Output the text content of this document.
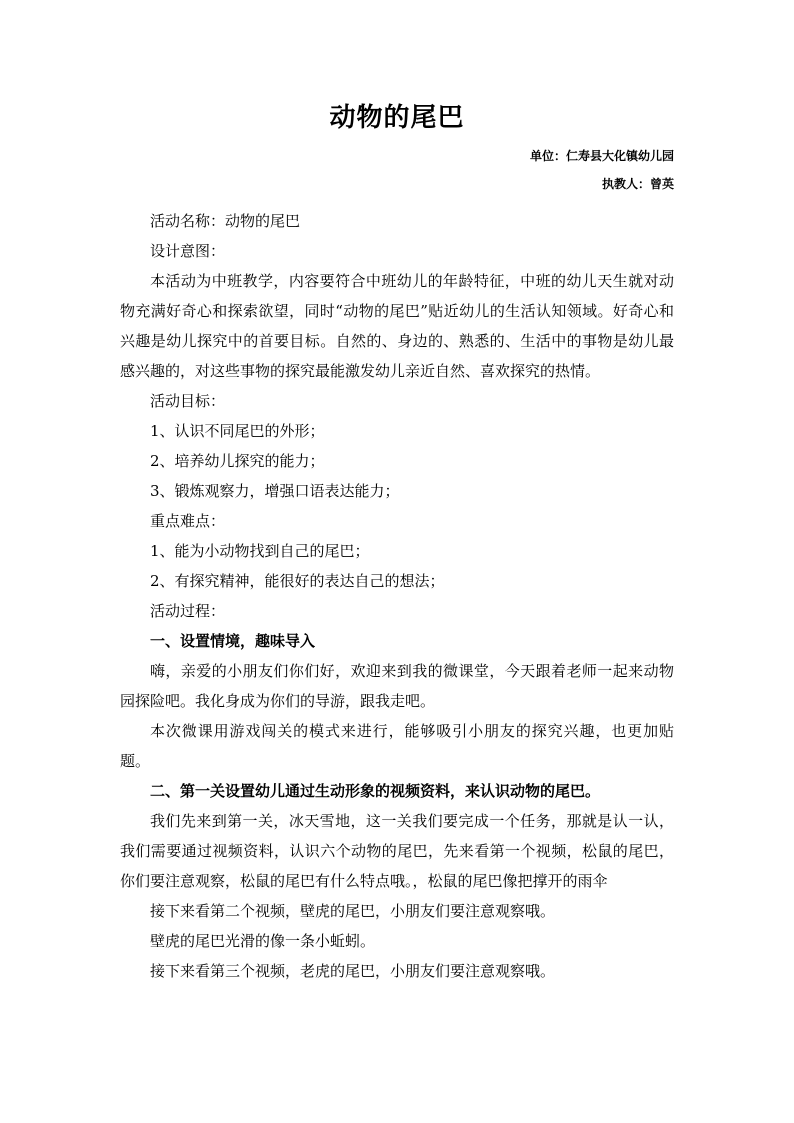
动物的尾巴

单位：仁寿县大化镇幼儿园

执教人：曾英

活动名称：动物的尾巴

设计意图：

本活动为中班教学，内容要符合中班幼儿的年龄特征，中班的幼儿天生就对动物充满好奇心和探索欲望，同时“动物的尾巴”贴近幼儿的生活认知领域。好奇心和兴趣是幼儿探究中的首要目标。自然的、身边的、熟悉的、生活中的事物是幼儿最感兴趣的，对这些事物的探究最能激发幼儿亲近自然、喜欢探究的热情。

活动目标：

1、认识不同尾巴的外形；

2、培养幼儿探究的能力；

3、锻炼观察力，增强口语表达能力；

重点难点：

1、能为小动物找到自己的尾巴；

2、有探究精神，能很好的表达自己的想法；

活动过程：

一、设置情境，趣味导入

嗨，亲爱的小朋友们你们好，欢迎来到我的微课堂，今天跟着老师一起来动物园探险吧。我化身成为你们的导游，跟我走吧。

本次微课用游戏闯关的模式来进行，能够吸引小朋友的探究兴趣，也更加贴题。

二、第一关设置幼儿通过生动形象的视频资料，来认识动物的尾巴。

我们先来到第一关，冰天雪地，这一关我们要完成一个任务，那就是认一认，我们需要通过视频资料，认识六个动物的尾巴，先来看第一个视频，松鼠的尾巴，你们要注意观察，松鼠的尾巴有什么特点哦。，松鼠的尾巴像把撑开的雨伞

接下来看第二个视频，壁虎的尾巴，小朋友们要注意观察哦。

壁虎的尾巴光滑的像一条小蚯蚓。

接下来看第三个视频，老虎的尾巴，小朋友们要注意观察哦。
